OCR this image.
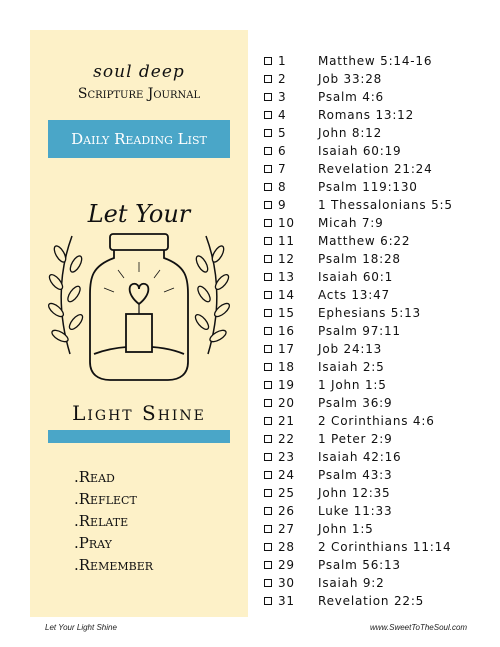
soul deep
Scripture Journal
Daily Reading List
Let Your
Light Shine
.Read
.Reflect
.Relate
.Pray
.Remember
1	Matthew 5:14-16
2	Job 33:28
3	Psalm 4:6
4	Romans 13:12
5	John 8:12
6	Isaiah 60:19
7	Revelation 21:24
8	Psalm 119:130
9	1 Thessalonians 5:5
10	Micah 7:9
11	Matthew 6:22
12	Psalm 18:28
13	Isaiah 60:1
14	Acts 13:47
15	Ephesians 5:13
16	Psalm 97:11
17	Job 24:13
18	Isaiah 2:5
19	1 John 1:5
20	Psalm 36:9
21	2 Corinthians 4:6
22	1 Peter 2:9
23	Isaiah 42:16
24	Psalm 43:3
25	John 12:35
26	Luke 11:33
27	John 1:5
28	2 Corinthians 11:14
29	Psalm 56:13
30	Isaiah 9:2
31	Revelation 22:5
Let Your Light Shine	www.SweetToTheSoul.com
